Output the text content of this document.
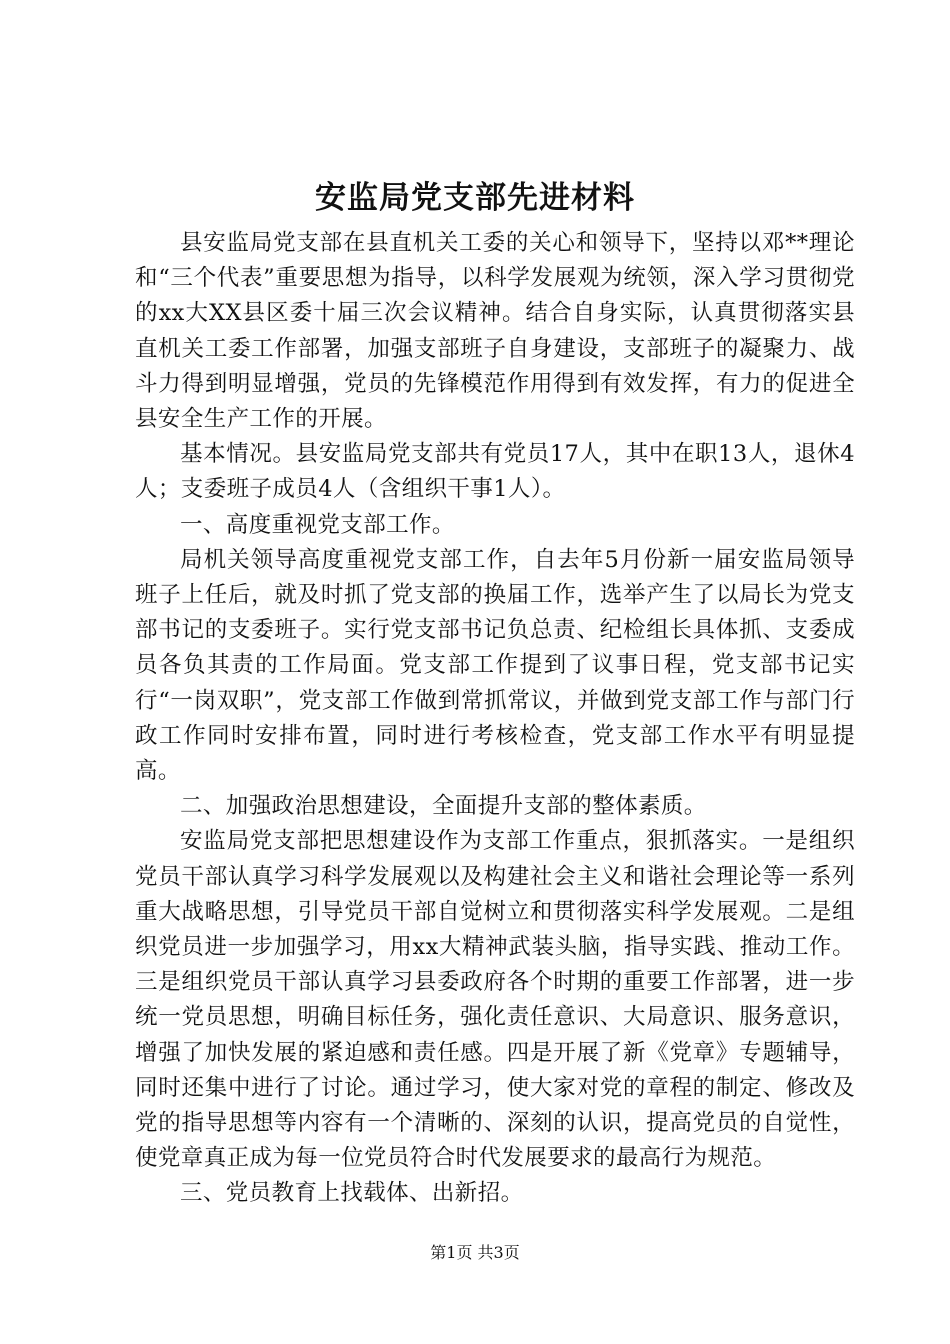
安监局党支部先进材料

县安监局党支部在县直机关工委的关心和领导下，坚持以邓**理论和“三个代表”重要思想为指导，以科学发展观为统领，深入学习贯彻党的xx大XX县区委十届三次会议精神。结合自身实际，认真贯彻落实县直机关工委工作部署，加强支部班子自身建设，支部班子的凝聚力、战斗力得到明显增强，党员的先锋模范作用得到有效发挥，有力的促进全县安全生产工作的开展。

基本情况。县安监局党支部共有党员17人，其中在职13人，退休4人；支委班子成员4人（含组织干事1人）。

一、高度重视党支部工作。

局机关领导高度重视党支部工作，自去年5月份新一届安监局领导班子上任后，就及时抓了党支部的换届工作，选举产生了以局长为党支部书记的支委班子。实行党支部书记负总责、纪检组长具体抓、支委成员各负其责的工作局面。党支部工作提到了议事日程，党支部书记实行“一岗双职”，党支部工作做到常抓常议，并做到党支部工作与部门行政工作同时安排布置，同时进行考核检查，党支部工作水平有明显提高。

二、加强政治思想建设，全面提升支部的整体素质。

安监局党支部把思想建设作为支部工作重点，狠抓落实。一是组织党员干部认真学习科学发展观以及构建社会主义和谐社会理论等一系列重大战略思想，引导党员干部自觉树立和贯彻落实科学发展观。二是组织党员进一步加强学习，用xx大精神武装头脑，指导实践、推动工作。三是组织党员干部认真学习县委政府各个时期的重要工作部署，进一步统一党员思想，明确目标任务，强化责任意识、大局意识、服务意识，增强了加快发展的紧迫感和责任感。四是开展了新《党章》专题辅导，同时还集中进行了讨论。通过学习，使大家对党的章程的制定、修改及党的指导思想等内容有一个清晰的、深刻的认识，提高党员的自觉性，使党章真正成为每一位党员符合时代发展要求的最高行为规范。

三、党员教育上找载体、出新招。

第1页 共3页
